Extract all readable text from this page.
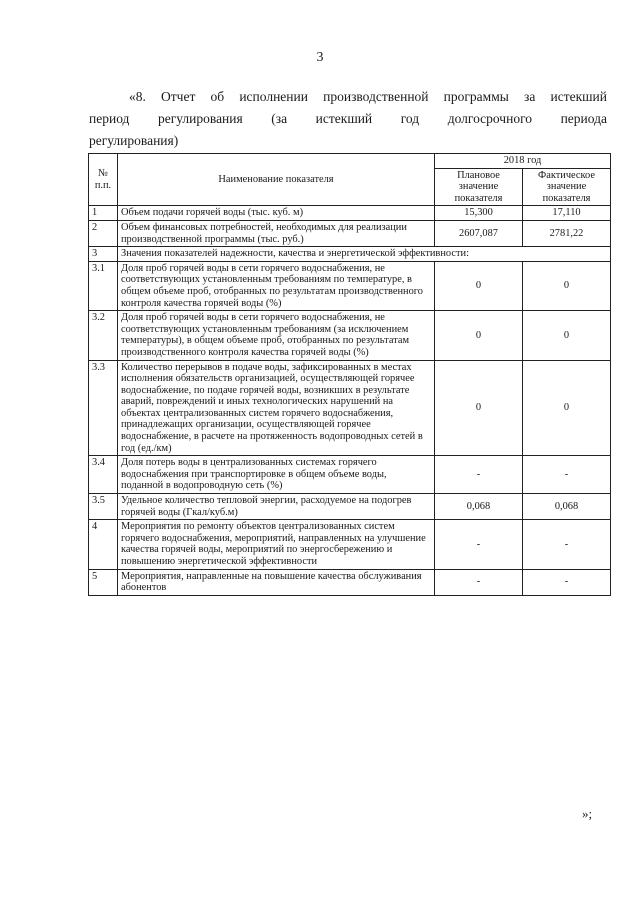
3

«8. Отчет об исполнении производственной программы за истекший

период регулирования (за истекший год долгосрочного периода

регулирования)

№ п.п.	Наименование показателя	2018 год	
		Плановое значение показателя	Фактическое значение показателя
1	Объем подачи горячей воды (тыс. куб. м)	15,300	17,110
2	Объем финансовых потребностей, необходимых для реализации производственной программы (тыс. руб.)	2607,087	2781,22
3	Значения показателей надежности, качества и энергетической эффективности:		
3.1	Доля проб горячей воды в сети горячего водоснабжения, не соответствующих установленным требованиям по температуре, в общем объеме проб, отобранных по результатам производственного контроля качества горячей воды (%)	0	0
3.2	Доля проб горячей воды в сети горячего водоснабжения, не соответствующих установленным требованиям (за исключением температуры), в общем объеме проб, отобранных по результатам производственного контроля качества горячей воды (%)	0	0
3.3	Количество перерывов в подаче воды, зафиксированных в местах исполнения обязательств организацией, осуществляющей горячее водоснабжение, по подаче горячей воды, возникших в результате аварий, повреждений и иных технологических нарушений на объектах централизованных систем горячего водоснабжения, принадлежащих организации, осуществляющей горячее водоснабжение, в расчете на протяженность водопроводных сетей в год (ед./км)	0	0
3.4	Доля потерь воды в централизованных системах горячего водоснабжения при транспортировке в общем объеме воды, поданной в водопроводную сеть (%)	-	-
3.5	Удельное количество тепловой энергии, расходуемое на подогрев горячей воды (Гкал/куб.м)	0,068	0,068
4	Мероприятия по ремонту объектов централизованных систем горячего водоснабжения, мероприятий, направленных на улучшение качества горячей воды, мероприятий по энергосбережению и повышению энергетической эффективности	-	-
5	Мероприятия, направленные на повышение качества обслуживания абонентов	-	-
»;
